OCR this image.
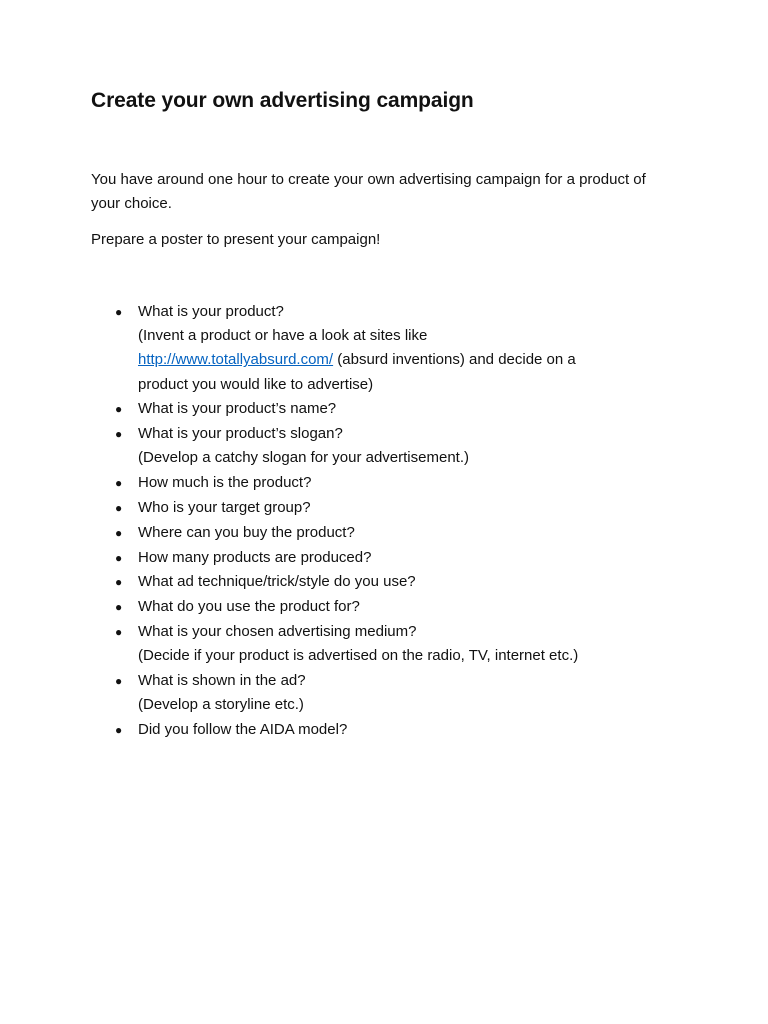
Create your own advertising campaign

You have around one hour to create your own advertising campaign for a product of your choice.

Prepare a poster to present your campaign!

● What is your product?
(Invent a product or have a look at sites like
http://www.totallyabsurd.com/ (absurd inventions) and decide on a
product you would like to advertise)
● What is your product’s name?
● What is your product’s slogan?
(Develop a catchy slogan for your advertisement.)
● How much is the product?
● Who is your target group?
● Where can you buy the product?
● How many products are produced?
● What ad technique/trick/style do you use?
● What do you use the product for?
● What is your chosen advertising medium?
(Decide if your product is advertised on the radio, TV, internet etc.)
● What is shown in the ad?
(Develop a storyline etc.)
● Did you follow the AIDA model?
